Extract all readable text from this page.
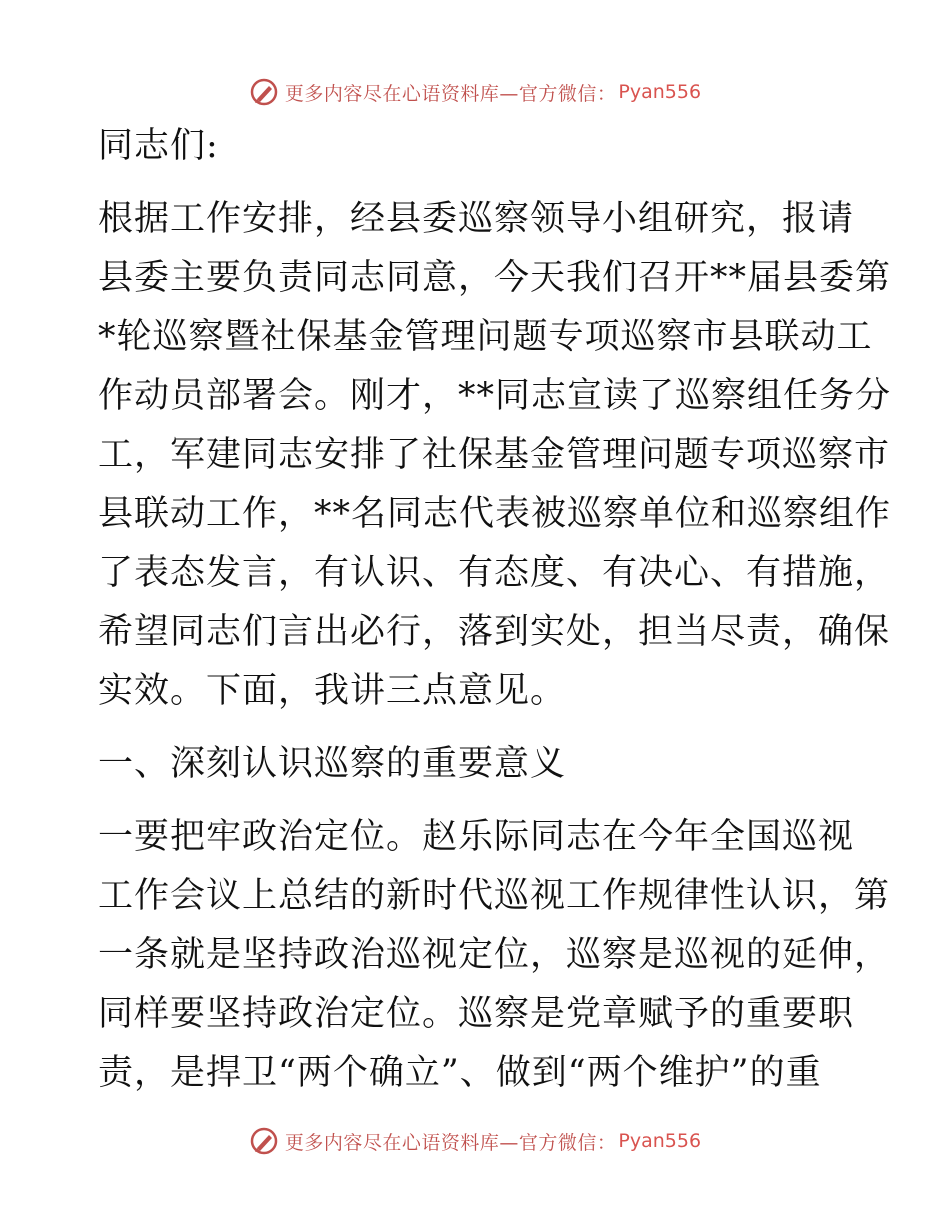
更多内容尽在心语资料库—官方微信： Pyan556
同志们:
根据工作安排，经县委巡察领导小组研究，报请
县委主要负责同志同意，今天我们召开**届县委第
*轮巡察暨社保基金管理问题专项巡察市县联动工
作动员部署会。刚才，**同志宣读了巡察组任务分
工，军建同志安排了社保基金管理问题专项巡察市
县联动工作，**名同志代表被巡察单位和巡察组作
了表态发言，有认识、有态度、有决心、有措施，
希望同志们言出必行，落到实处，担当尽责，确保
实效。下面，我讲三点意见。
一、深刻认识巡察的重要意义
一要把牢政治定位。赵乐际同志在今年全国巡视
工作会议上总结的新时代巡视工作规律性认识，第
一条就是坚持政治巡视定位，巡察是巡视的延伸，
同样要坚持政治定位。巡察是党章赋予的重要职
责，是捍卫“两个确立”、做到“两个维护”的重
更多内容尽在心语资料库—官方微信： Pyan556
